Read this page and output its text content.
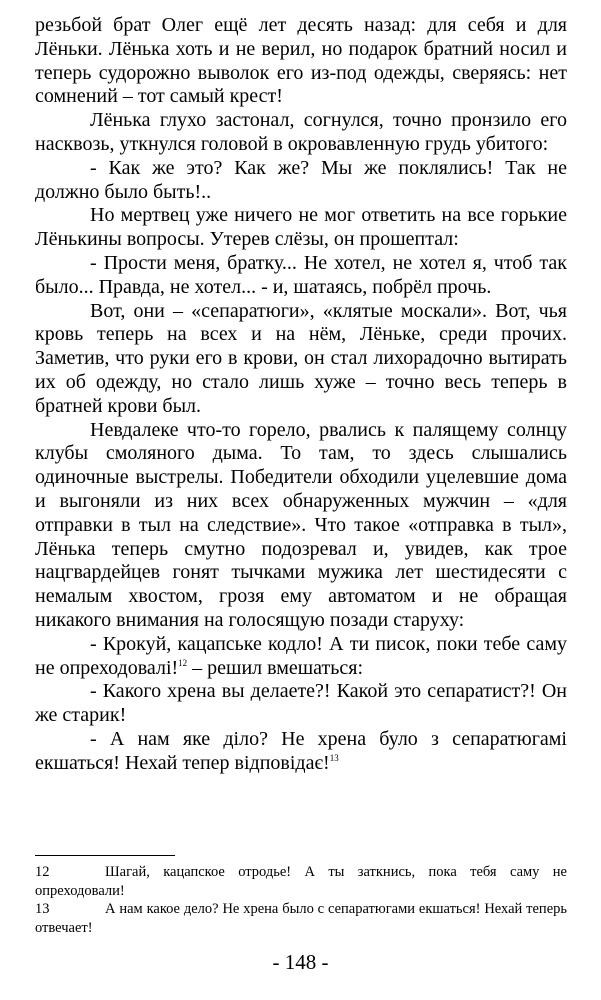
резьбой брат Олег ещё лет десять назад: для себя и для Лёньки. Лёнька хоть и не верил, но подарок братний носил и теперь судорожно выволок его из-под одежды, сверяясь: нет сомнений – тот самый крест!

Лёнька глухо застонал, согнулся, точно пронзило его насквозь, уткнулся головой в окровавленную грудь убитого:

- Как же это? Как же? Мы же поклялись! Так не должно было быть!..

Но мертвец уже ничего не мог ответить на все горькие Лёнькины вопросы. Утерев слёзы, он прошептал:

- Прости меня, братку... Не хотел, не хотел я, чтоб так было... Правда, не хотел... - и, шатаясь, побрёл прочь.

Вот, они – «сепаратюги», «клятые москали». Вот, чья кровь теперь на всех и на нём, Лёньке, среди прочих. Заметив, что руки его в крови, он стал лихорадочно вытирать их об одежду, но стало лишь хуже – точно весь теперь в братней крови был.

Невдалеке что-то горело, рвались к палящему солнцу клубы смоляного дыма. То там, то здесь слышались одиночные выстрелы. Победители обходили уцелевшие дома и выгоняли из них всех обнаруженных мужчин – «для отправки в тыл на следствие». Что такое «отправка в тыл», Лёнька теперь смутно подозревал и, увидев, как трое нацгвардейцев гонят тычками мужика лет шестидесяти с немалым хвостом, грозя ему автоматом и не обращая никакого внимания на голосящую позади старуху:

- Крокуй, кацапське кодло! А ти писок, поки тебе саму не опреходовалі!$^{12}$ – решил вмешаться:

- Какого хрена вы делаете?! Какой это сепаратист?! Он же старик!

- А нам яке діло? Не хрена було з сепаратюгамі екшаться! Нехай тепер відповідає!$^{13}$

12	Шагай, кацапское отродье! А ты заткнись, пока тебя саму не опреходовали!

13	А нам какое дело? Не хрена было с сепаратюгами екшаться! Нехай теперь отвечает!

- 148 -
